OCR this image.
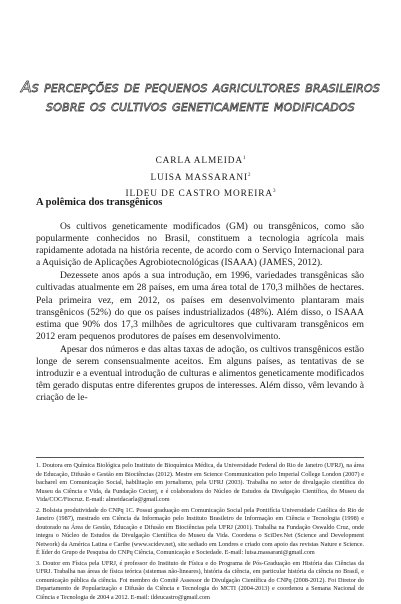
As percepções de pequenos agricultores brasileiros
sobre os cultivos geneticamente modificados
CARLA ALMEIDA$^1$
LUISA MASSARANI$^2$
ILDEU DE CASTRO MOREIRA$^3$
A polêmica dos transgênicos

Os cultivos geneticamente modificados (GM) ou transgênicos, como são popularmente conhecidos no Brasil, constituem a tecnologia agrícola mais rapidamente adotada na história recente, de acordo com o Serviço Internacional para a Aquisição de Aplicações Agrobiotecnológicas (ISAAA) (JAMES, 2012).

Dezessete anos após a sua introdução, em 1996, variedades transgênicas são cultivadas atualmente em 28 países, em uma área total de 170,3 milhões de hectares. Pela primeira vez, em 2012, os países em desenvolvimento plantaram mais transgênicos (52%) do que os países industrializados (48%). Além disso, o ISAAA estima que 90% dos 17,3 milhões de agricultores que cultivaram transgênicos em 2012 eram pequenos produtores de países em desenvolvimento.

Apesar dos números e das altas taxas de adoção, os cultivos transgênicos estão longe de serem consensualmente aceitos. Em alguns países, as tentativas de se introduzir e a eventual introdução de culturas e alimentos geneticamente modificados têm gerado disputas entre diferentes grupos de interesses. Além disso, vêm levando à criação de le-

1. Doutora em Química Biológica pelo Instituto de Bioquímica Médica, da Universidade Federal do Rio de Janeiro (UFRJ), na área de Educação, Difusão e Gestão em Biociências (2012). Mestre em Science Communication pelo Imperial College London (2007) e bacharel em Comunicação Social, habilitação em jornalismo, pela UFRJ (2003). Trabalha no setor de divulgação científica do Museu da Ciência e Vida, da Fundação Cecierj, e é colaboradora do Núcleo de Estudos da Divulgação Científica, do Museu da Vida/COC/Fiocruz. E-mail: almeidacarla@gmail.com

2. Bolsista produtividade do CNPq 1C. Possui graduação em Comunicação Social pela Pontifícia Universidade Católica do Rio de Janeiro (1987), mestrado em Ciência da Informação pelo Instituto Brasileiro de Informação em Ciência e Tecnologia (1998) e doutorado na Área de Gestão, Educação e Difusão em Biociências pela UFRJ (2001). Trabalha na Fundação Oswaldo Cruz, onde integra o Núcleo de Estudos da Divulgação Científica do Museu da Vida. Coordena o SciDev.Net (Science and Development Network) da América Latina e Caribe (www.scidev.net), site sediado em Londres e criado com apoio das revistas Nature e Science. É líder do Grupo de Pesquisa do CNPq Ciência, Comunicação e Sociedade. E-mail: luisa.massarani@gmail.com

3. Doutor em Física pela UFRJ, é professor do Instituto de Física e do Programa de Pós-Graduação em História das Ciências da UFRJ. Trabalha nas áreas de física teórica (sistemas não-lineares), história da ciência, em particular história da ciência no Brasil, e comunicação pública da ciência. Foi membro do Comitê Assessor de Divulgação Científica do CNPq (2008-2012). Foi Diretor do Departamento de Popularização e Difusão da Ciência e Tecnologia do MCTI (2004-2013) e coordenou a Semana Nacional de Ciência e Tecnologia de 2004 a 2012. E-mail: ildeucastro@gmail.com
